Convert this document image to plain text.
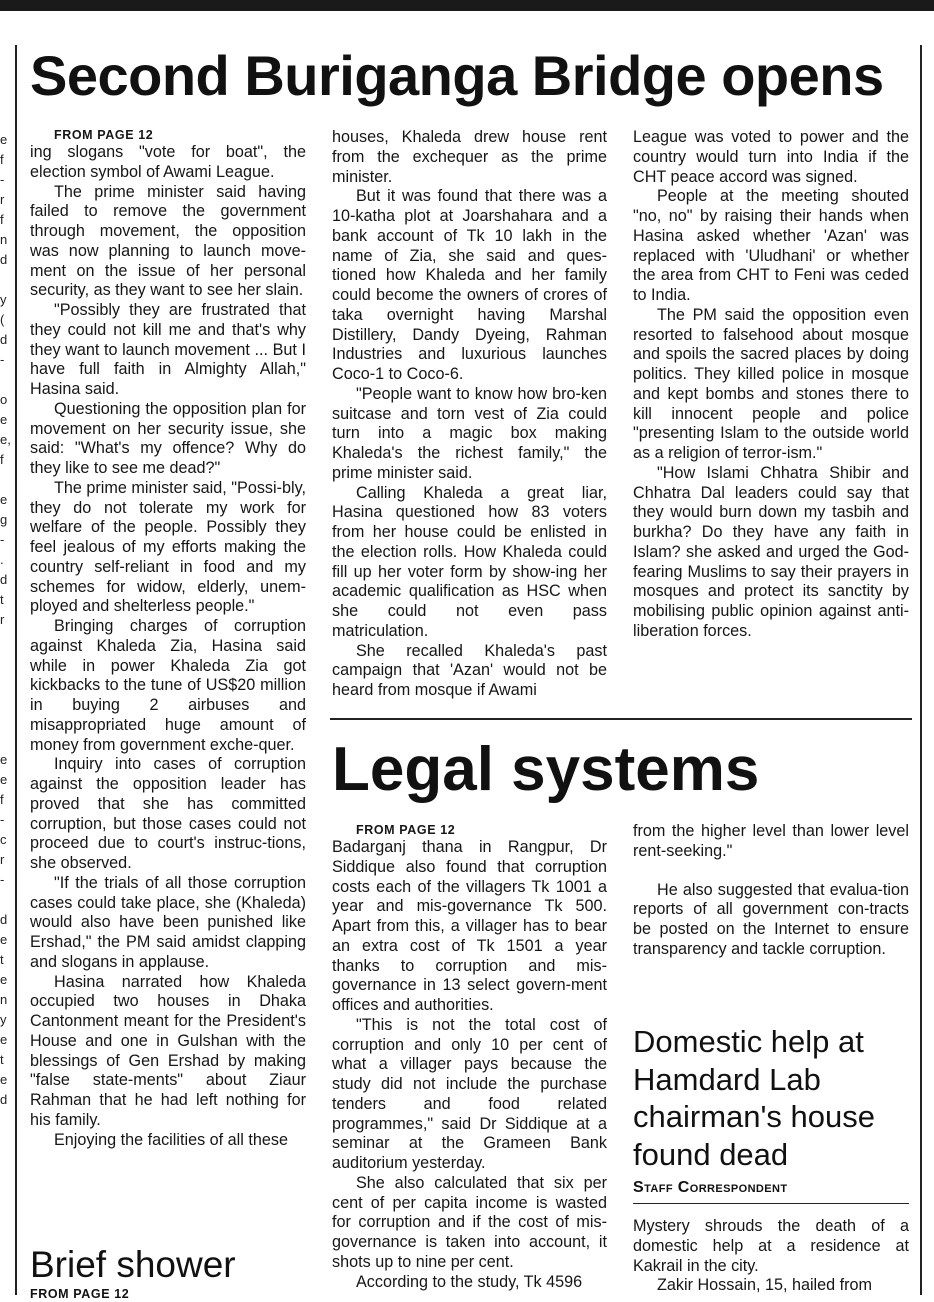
e
f
-
r
f
n
d

y
(
d
-

o
e
e,
f

e
g
-
.
d
t
r

e
e
f
-
c
r
-

d
e
t
e
n
y
e
t
e
d
Second Buriganga Bridge opens

FROM PAGE 12

ing slogans "vote for boat", the election symbol of Awami League.

The prime minister said having failed to remove the government through movement, the opposition was now planning to launch move-ment on the issue of her personal security, as they want to see her slain.

"Possibly they are frustrated that they could not kill me and that's why they want to launch movement ... But I have full faith in Almighty Allah," Hasina said.

Questioning the opposition plan for movement on her security issue, she said: "What's my offence? Why do they like to see me dead?"

The prime minister said, "Possi-bly, they do not tolerate my work for welfare of the people. Possibly they feel jealous of my efforts making the country self-reliant in food and my schemes for widow, elderly, unem-ployed and shelterless people."

Bringing charges of corruption against Khaleda Zia, Hasina said while in power Khaleda Zia got kickbacks to the tune of US$20 million in buying 2 airbuses and misappropriated huge amount of money from government exche-quer.

Inquiry into cases of corruption against the opposition leader has proved that she has committed corruption, but those cases could not proceed due to court's instruc-tions, she observed.

"If the trials of all those corruption cases could take place, she (Khaleda) would also have been punished like Ershad," the PM said amidst clapping and slogans in applause.

Hasina narrated how Khaleda occupied two houses in Dhaka Cantonment meant for the President's House and one in Gulshan with the blessings of Gen Ershad by making "false state-ments" about Ziaur Rahman that he had left nothing for his family.

Enjoying the facilities of all these

houses, Khaleda drew house rent from the exchequer as the prime minister.

But it was found that there was a 10-katha plot at Joarshahara and a bank account of Tk 10 lakh in the name of Zia, she said and ques-tioned how Khaleda and her family could become the owners of crores of taka overnight having Marshal Distillery, Dandy Dyeing, Rahman Industries and luxurious launches Coco-1 to Coco-6.

"People want to know how bro-ken suitcase and torn vest of Zia could turn into a magic box making Khaleda's the richest family," the prime minister said.

Calling Khaleda a great liar, Hasina questioned how 83 voters from her house could be enlisted in the election rolls. How Khaleda could fill up her voter form by show-ing her academic qualification as HSC when she could not even pass matriculation.

She recalled Khaleda's past campaign that 'Azan' would not be heard from mosque if Awami

League was voted to power and the country would turn into India if the CHT peace accord was signed.

People at the meeting shouted "no, no" by raising their hands when Hasina asked whether 'Azan' was replaced with 'Uludhani' or whether the area from CHT to Feni was ceded to India.

The PM said the opposition even resorted to falsehood about mosque and spoils the sacred places by doing politics. They killed police in mosque and kept bombs and stones there to kill innocent people and police "presenting Islam to the outside world as a religion of terror-ism."

"How Islami Chhatra Shibir and Chhatra Dal leaders could say that they would burn down my tasbih and burkha? Do they have any faith in Islam? she asked and urged the God-fearing Muslims to say their prayers in mosques and protect its sanctity by mobilising public opinion against anti-liberation forces.

Brief shower
FROM PAGE 12
Legal systems

FROM PAGE 12

Badarganj thana in Rangpur, Dr Siddique also found that corruption costs each of the villagers Tk 1001 a year and mis-governance Tk 500. Apart from this, a villager has to bear an extra cost of Tk 1501 a year thanks to corruption and mis-governance in 13 select govern-ment offices and authorities.

"This is not the total cost of corruption and only 10 per cent of what a villager pays because the study did not include the purchase tenders and food related programmes," said Dr Siddique at a seminar at the Grameen Bank auditorium yesterday.

She also calculated that six per cent of per capita income is wasted for corruption and if the cost of mis-governance is taken into account, it shots up to nine per cent.

According to the study, Tk 4596

from the higher level than lower level rent-seeking."

He also suggested that evalua-tion reports of all government con-tracts be posted on the Internet to ensure transparency and tackle corruption.

Domestic help at Hamdard Lab chairman's house found dead
Staff Correspondent

Mystery shrouds the death of a domestic help at a residence at Kakrail in the city.

Zakir Hossain, 15, hailed from
